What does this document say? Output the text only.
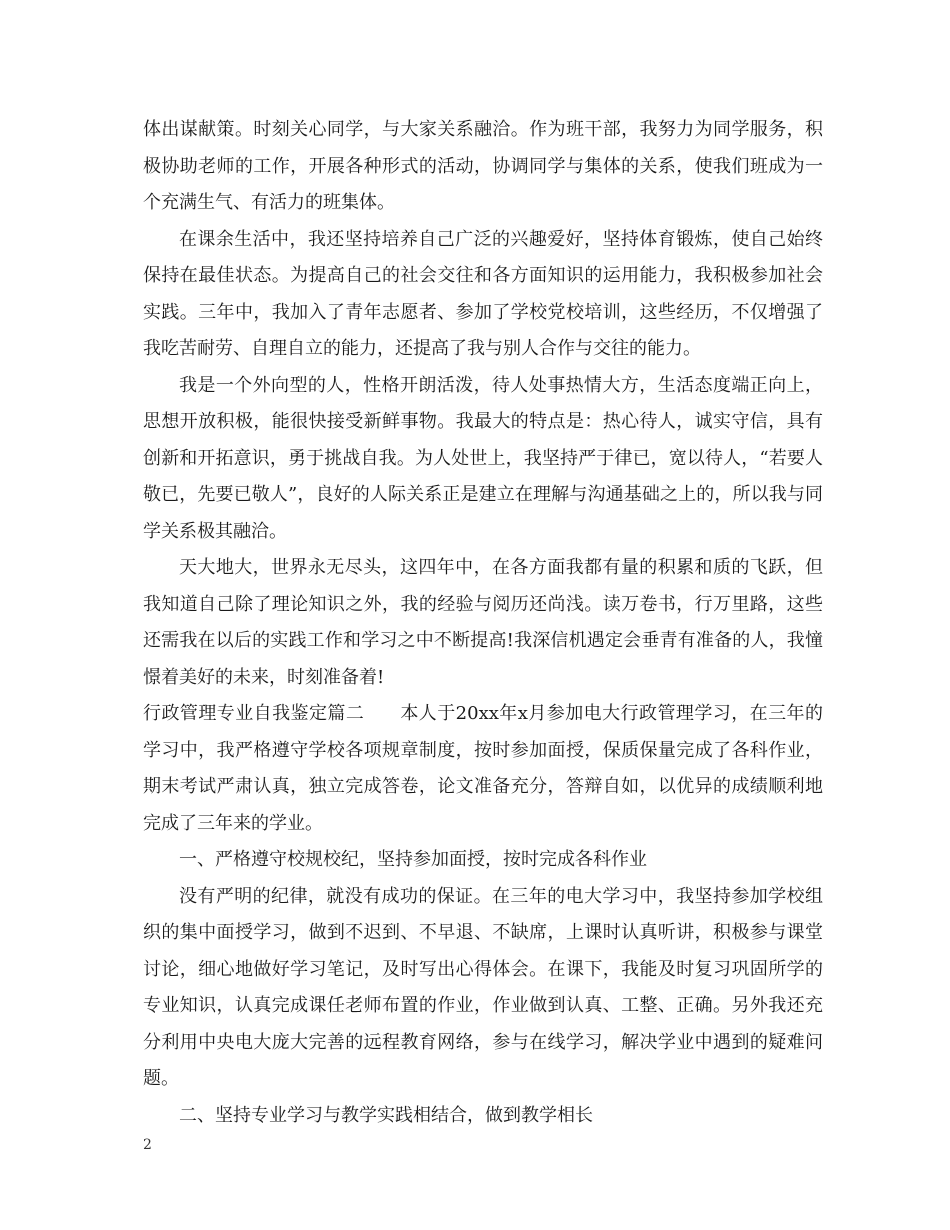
体出谋献策。时刻关心同学，与大家关系融洽。作为班干部，我努力为同学服务，积极协助老师的工作，开展各种形式的活动，协调同学与集体的关系，使我们班成为一个充满生气、有活力的班集体。

在课余生活中，我还坚持培养自己广泛的兴趣爱好，坚持体育锻炼，使自己始终保持在最佳状态。为提高自己的社会交往和各方面知识的运用能力，我积极参加社会实践。三年中，我加入了青年志愿者、参加了学校党校培训，这些经历，不仅增强了我吃苦耐劳、自理自立的能力，还提高了我与别人合作与交往的能力。

我是一个外向型的人，性格开朗活泼，待人处事热情大方，生活态度端正向上，思想开放积极，能很快接受新鲜事物。我最大的特点是：热心待人，诚实守信，具有创新和开拓意识，勇于挑战自我。为人处世上，我坚持严于律已，宽以待人，“若要人敬已，先要已敬人”，良好的人际关系正是建立在理解与沟通基础之上的，所以我与同学关系极其融洽。

天大地大，世界永无尽头，这四年中，在各方面我都有量的积累和质的飞跃，但我知道自己除了理论知识之外，我的经验与阅历还尚浅。读万卷书，行万里路，这些还需我在以后的实践工作和学习之中不断提高!我深信机遇定会垂青有准备的人，我憧憬着美好的未来，时刻准备着!

行政管理专业自我鉴定篇二 本人于20xx年x月参加电大行政管理学习，在三年的学习中，我严格遵守学校各项规章制度，按时参加面授，保质保量完成了各科作业，期末考试严肃认真，独立完成答卷，论文准备充分，答辩自如，以优异的成绩顺利地完成了三年来的学业。

一、严格遵守校规校纪，坚持参加面授，按时完成各科作业

没有严明的纪律，就没有成功的保证。在三年的电大学习中，我坚持参加学校组织的集中面授学习，做到不迟到、不早退、不缺席，上课时认真听讲，积极参与课堂讨论，细心地做好学习笔记，及时写出心得体会。在课下，我能及时复习巩固所学的专业知识，认真完成课任老师布置的作业，作业做到认真、工整、正确。另外我还充分利用中央电大庞大完善的远程教育网络，参与在线学习，解决学业中遇到的疑难问题。

二、坚持专业学习与教学实践相结合，做到教学相长

2
